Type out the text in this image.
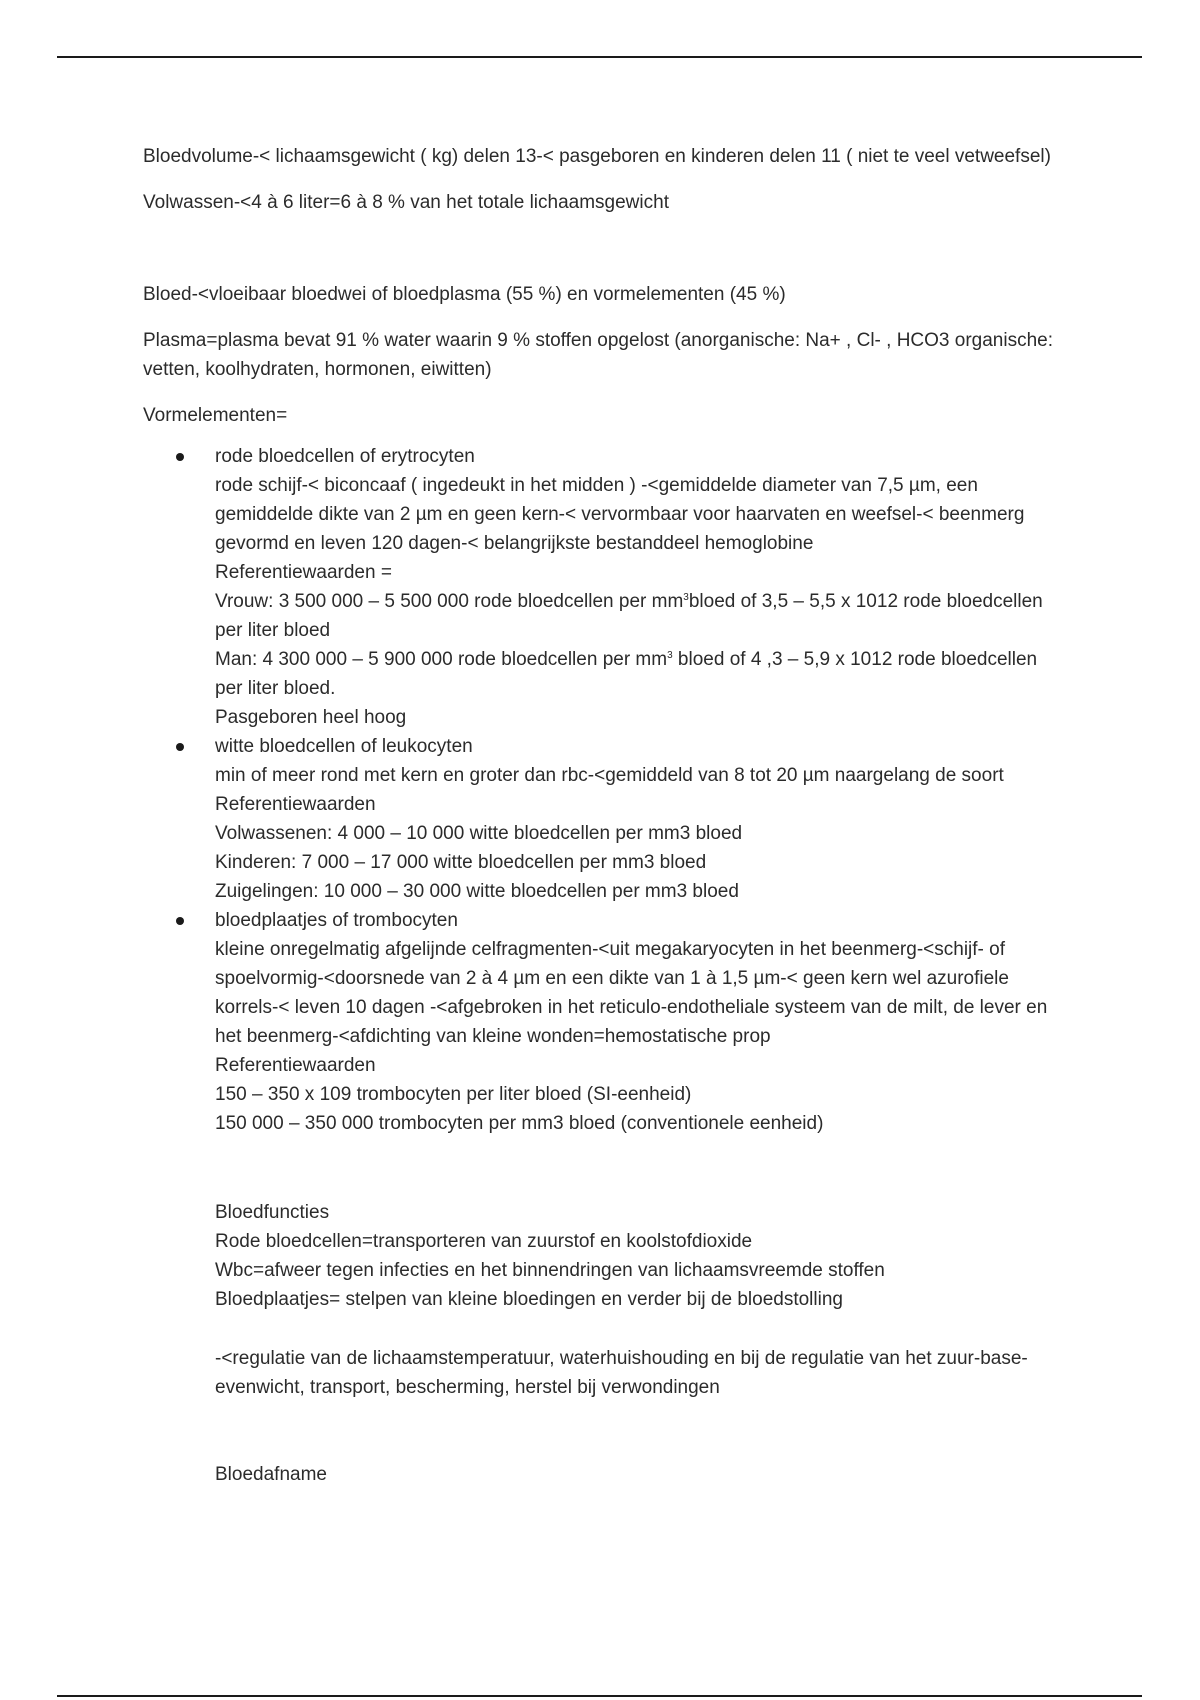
Bloedvolume-< lichaamsgewicht ( kg) delen 13-< pasgeboren en kinderen delen 11 ( niet te veel vetweefsel)

Volwassen-<4 à 6 liter=6 à 8 % van het totale lichaamsgewicht

Bloed-<vloeibaar bloedwei of bloedplasma (55 %) en vormelementen (45 %)

Plasma=plasma bevat 91 % water waarin 9 % stoffen opgelost (anorganische: Na+ , Cl- , HCO3 organische: vetten, koolhydraten, hormonen, eiwitten)

Vormelementen=

rode bloedcellen of erytrocyten
rode schijf-< biconcaaf ( ingedeukt in het midden ) -<gemiddelde diameter van 7,5 µm, een gemiddelde dikte van 2 µm en geen kern-< vervormbaar voor haarvaten en weefsel-< beenmerg gevormd en leven 120 dagen-< belangrijkste bestanddeel hemoglobine
Referentiewaarden =
Vrouw: 3 500 000 – 5 500 000 rode bloedcellen per $mm^3bloed$ of 3,5 – 5,5 x 1012 rode bloedcellen per liter bloed
Man: 4 300 000 – 5 900 000 rode bloedcellen per $mm^3$ bloed of 4 ,3 – 5,9 x 1012 rode bloedcellen per liter bloed.
Pasgeboren heel hoog
witte bloedcellen of leukocyten
min of meer rond met kern en groter dan rbc-<gemiddeld van 8 tot 20 µm naargelang de soort
Referentiewaarden
Volwassenen: 4 000 – 10 000 witte bloedcellen per mm3 bloed
Kinderen: 7 000 – 17 000 witte bloedcellen per mm3 bloed
Zuigelingen: 10 000 – 30 000 witte bloedcellen per mm3 bloed
bloedplaatjes of trombocyten
kleine onregelmatig afgelijnde celfragmenten-<uit megakaryocyten in het beenmerg-<schijf- of spoelvormig-<doorsnede van 2 à 4 µm en een dikte van 1 à 1,5 µm-< geen kern wel azurofiele korrels-< leven 10 dagen -<afgebroken in het reticulo-endotheliale systeem van de milt, de lever en het beenmerg-<afdichting van kleine wonden=hemostatische prop
Referentiewaarden
150 – 350 x 109 trombocyten per liter bloed (SI-eenheid)
150 000 – 350 000 trombocyten per mm3 bloed (conventionele eenheid)
Bloedfuncties
Rode bloedcellen=transporteren van zuurstof en koolstofdioxide
Wbc=afweer tegen infecties en het binnendringen van lichaamsvreemde stoffen
Bloedplaatjes= stelpen van kleine bloedingen en verder bij de bloedstolling
-<regulatie van de lichaamstemperatuur, waterhuishouding en bij de regulatie van het zuur-base-evenwicht, transport, bescherming, herstel bij verwondingen
Bloedafname
